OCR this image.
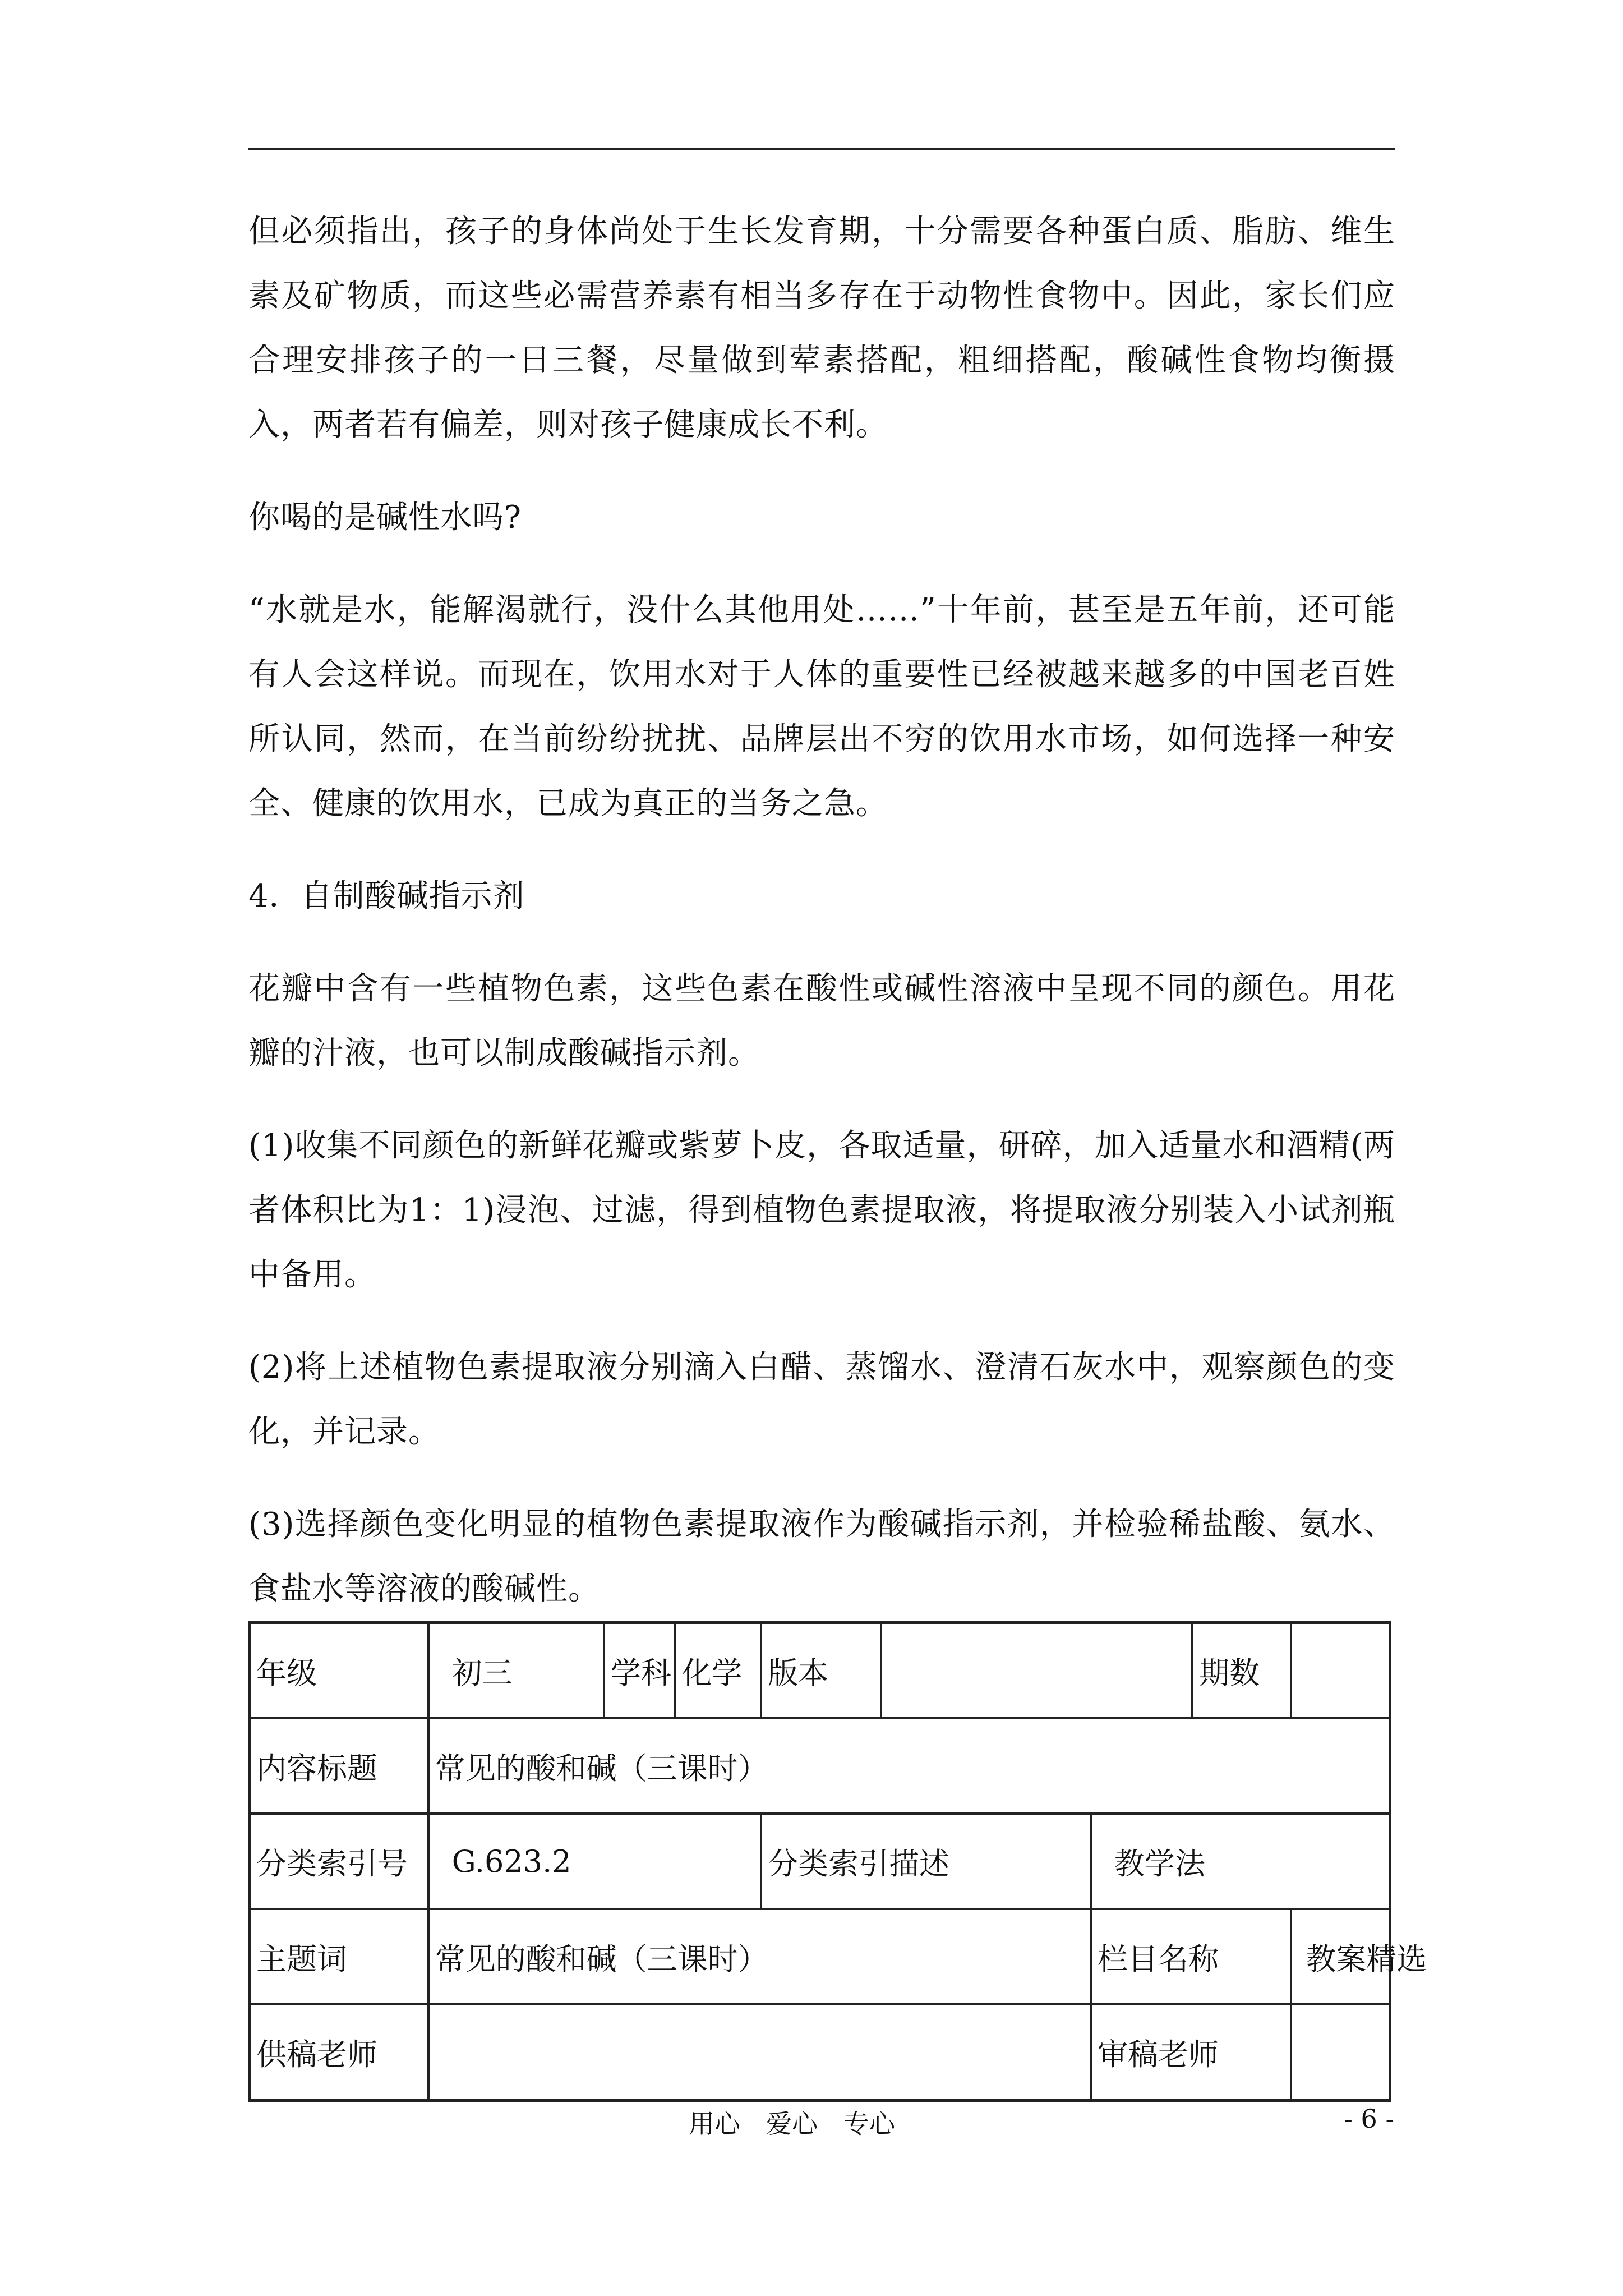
但必须指出，孩子的身体尚处于生长发育期，十分需要各种蛋白质、脂肪、维生素及矿物质，而这些必需营养素有相当多存在于动物性食物中。因此，家长们应合理安排孩子的一日三餐，尽量做到荤素搭配，粗细搭配，酸碱性食物均衡摄入，两者若有偏差，则对孩子健康成长不利。

你喝的是碱性水吗?

“水就是水，能解渴就行，没什么其他用处……”十年前，甚至是五年前，还可能有人会这样说。而现在，饮用水对于人体的重要性已经被越来越多的中国老百姓所认同，然而，在当前纷纷扰扰、品牌层出不穷的饮用水市场，如何选择一种安全、健康的饮用水，已成为真正的当务之急。

4．自制酸碱指示剂

花瓣中含有一些植物色素，这些色素在酸性或碱性溶液中呈现不同的颜色。用花瓣的汁液，也可以制成酸碱指示剂。

(1)收集不同颜色的新鲜花瓣或紫萝卜皮，各取适量，研碎，加入适量水和酒精(两者体积比为1：1)浸泡、过滤，得到植物色素提取液，将提取液分别装入小试剂瓶中备用。

(2)将上述植物色素提取液分别滴入白醋、蒸馏水、澄清石灰水中，观察颜色的变化，并记录。

(3)选择颜色变化明显的植物色素提取液作为酸碱指示剂，并检验稀盐酸、氨水、食盐水等溶液的酸碱性。

年级	初三	学科	化学	版本			期数	
内容标题	常见的酸和碱（三课时）							
分类索引号	G.623.2			分类索引描述		教学法		
主题词	常见的酸和碱（三课时）					栏目名称		教案精选
供稿老师						审稿老师		
用心　爱心　专心	- 6 -
